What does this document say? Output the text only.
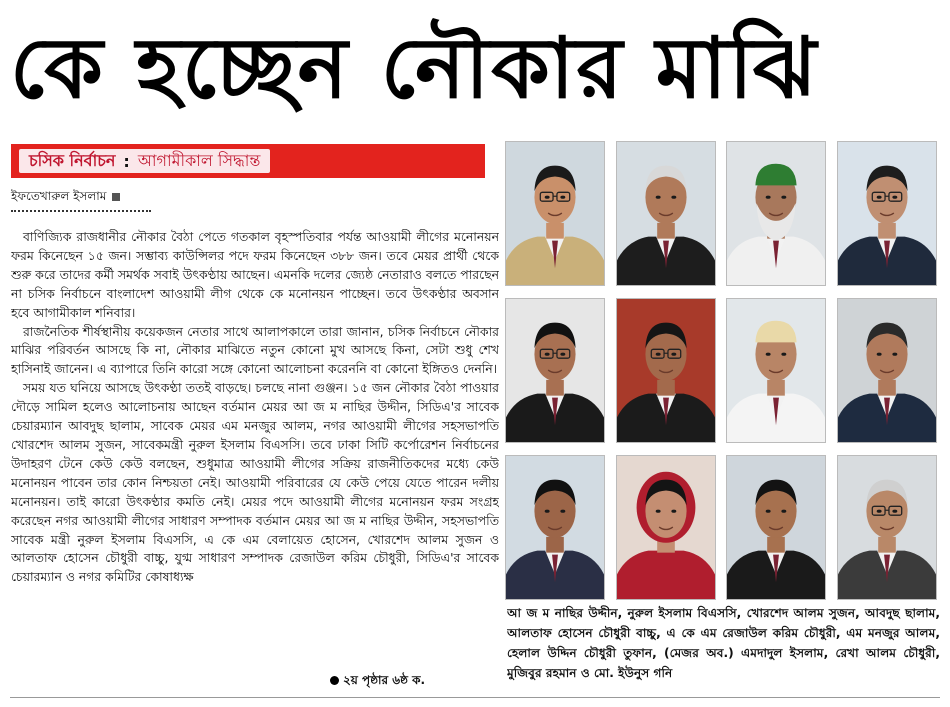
কে হচ্ছেন নৌকার মাঝি
চসিক নির্বাচন : আগামীকাল সিদ্ধান্ত
ইফতেখারুল ইসলাম

বাণিজ্যিক রাজধানীর নৌকার বৈঠা পেতে গতকাল বৃহস্পতিবার পর্যন্ত আওয়ামী লীগের মনোনয়ন ফরম কিনেছেন ১৫ জন। সম্ভাব্য কাউন্সিলর পদে ফরম কিনেছেন ৩৮৮ জন। তবে মেয়র প্রার্থী থেকে শুরু করে তাদের কর্মী সমর্থক সবাই উৎকণ্ঠায় আছেন। এমনকি দলের জ্যেষ্ঠ নেতারাও বলতে পারছেন না চসিক নির্বাচনে বাংলাদেশ আওয়ামী লীগ থেকে কে মনোনয়ন পাচ্ছেন। তবে উৎকণ্ঠার অবসান হবে আগামীকাল শনিবার।

রাজনৈতিক শীর্ষস্থানীয় কয়েকজন নেতার সাথে আলাপকালে তারা জানান, চসিক নির্বাচনে নৌকার মাঝির পরিবর্তন আসছে কি না, নৌকার মাঝিতে নতুন কোনো মুখ আসছে কিনা, সেটা শুধু শেখ হাসিনাই জানেন। এ ব্যাপারে তিনি কারো সঙ্গে কোনো আলোচনা করেননি বা কোনো ইঙ্গিতও দেননি।

সময় যত ঘনিয়ে আসছে উৎকণ্ঠা ততই বাড়ছে। চলছে নানা গুঞ্জন। ১৫ জন নৌকার বৈঠা পাওয়ার দৌড়ে সামিল হলেও আলোচনায় আছেন বর্তমান মেয়র আ জ ম নাছির উদ্দীন, সিডিএ'র সাবেক চেয়ারম্যান আবদুছ ছালাম, সাবেক মেয়র এম মনজুর আলম, নগর আওয়ামী লীগের সহসভাপতি খোরশেদ আলম সুজন, সাবেকমন্ত্রী নুরুল ইসলাম বিএসসি। তবে ঢাকা সিটি কর্পোরেশন নির্বাচনের উদাহরণ টেনে কেউ কেউ বলছেন, শুধুমাত্র আওয়ামী লীগের সক্রিয় রাজনীতিকদের মধ্যে কেউ মনোনয়ন পাবেন তার কোন নিশ্চয়তা নেই। আওয়ামী পরিবারের যে কেউ পেয়ে যেতে পারেন দলীয় মনোনয়ন। তাই কারো উৎকণ্ঠার কমতি নেই। মেয়র পদে আওয়ামী লীগের মনোনয়ন ফরম সংগ্রহ করেছেন নগর আওয়ামী লীগের সাধারণ সম্পাদক বর্তমান মেয়র আ জ ম নাছির উদ্দীন, সহসভাপতি সাবেক মন্ত্রী নুরুল ইসলাম বিএসসি, এ কে এম বেলায়েত হোসেন, খোরশেদ আলম সুজন ও আলতাফ হোসেন চৌধুরী বাচ্চু, যুগ্ম সাধারণ সম্পাদক রেজাউল করিম চৌধুরী, সিডিএ'র সাবেক চেয়ারম্যান ও নগর কমিটির কোষাধ্যক্ষ

২য় পৃষ্ঠার ৬ষ্ঠ ক.
আ জ ম নাছির উদ্দীন, নুরুল ইসলাম বিএসসি, খোরশেদ আলম সুজন, আবদুছ ছালাম, আলতাফ হোসেন চৌধুরী বাচ্চু, এ কে এম রেজাউল করিম চৌধুরী, এম মনজুর আলম, হেলাল উদ্দিন চৌধুরী তুফান, (মেজর অব.) এমদাদুল ইসলাম, রেখা আলম চৌধুরী, মুজিবুর রহমান ও মো. ইউনুস গনি
